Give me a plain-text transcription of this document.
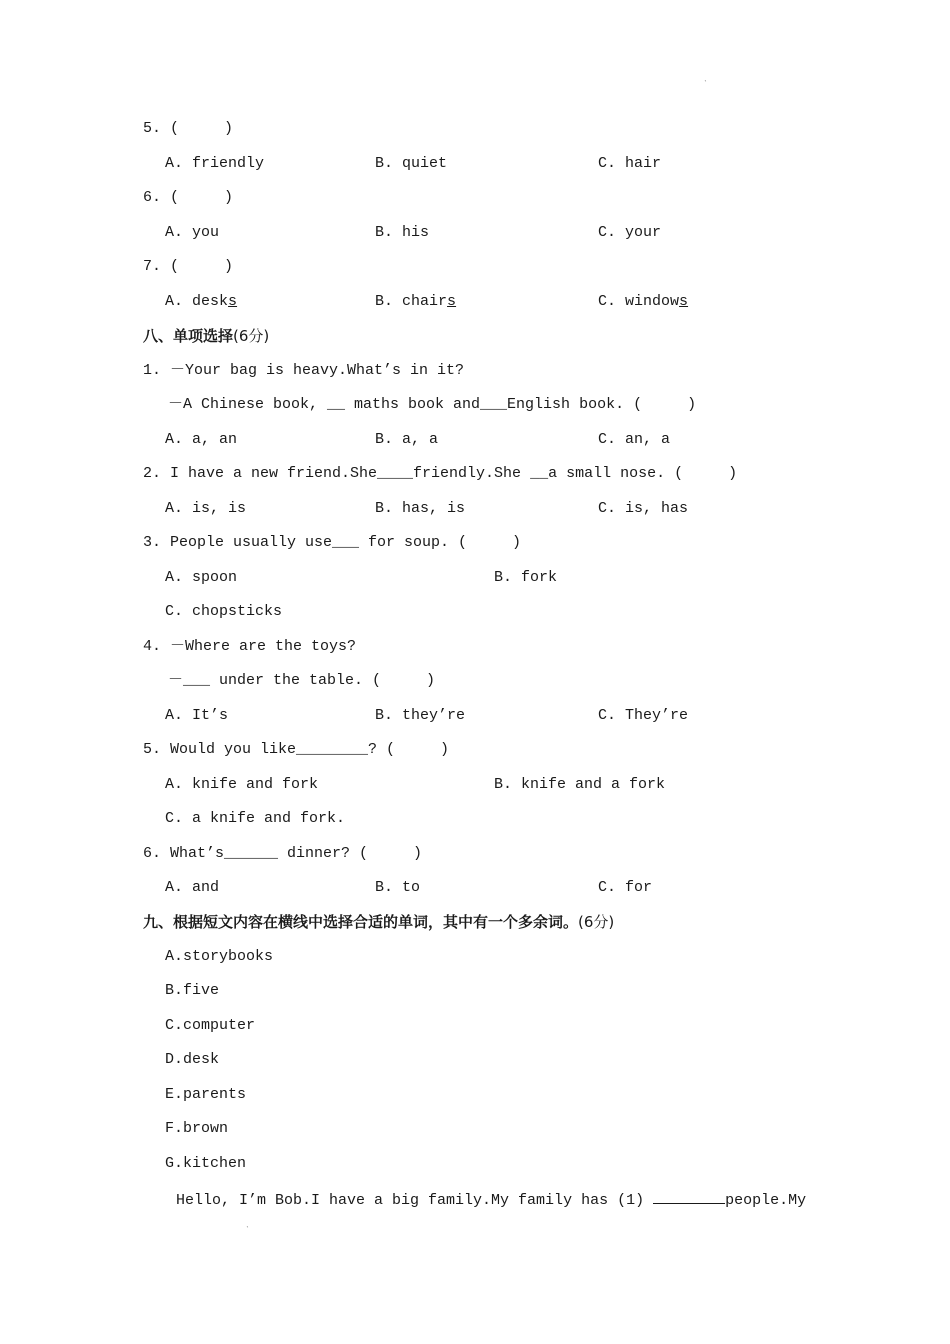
ˎ
5. (     )
A. friendly	B. quiet	C. hair
6. (     )
A. you	B. his	C. your
7. (     )
A. desks	B. chairs	C. windows
八、单项选择(6分)
1. －Your bag is heavy.What’s in it?
－A Chinese book, __ maths book and___English book. (     )
A. a, an	B. a, a	C. an, a
2. I have a new friend.She____friendly.She __a small nose. (     )
A. is, is	B. has, is	C. is, has
3. People usually use___ for soup. (     )
A. spoon	B. fork
C. chopsticks
4. －Where are the toys?
－___ under the table. (     )
A. It’s	B. they’re	C. They’re
5. Would you like________? (     )
A. knife and fork	B. knife and a fork
C. a knife and fork.
6. What’s______ dinner? (     )
A. and	B. to	C. for
九、根据短文内容在横线中选择合适的单词，其中有一个多余词。(6分)
A.storybooks
B.five
C.computer
D.desk
E.parents
F.brown
G.kitchen
Hello, I’m Bob.I have a big family.My family has (1)	people.My
ˎ
